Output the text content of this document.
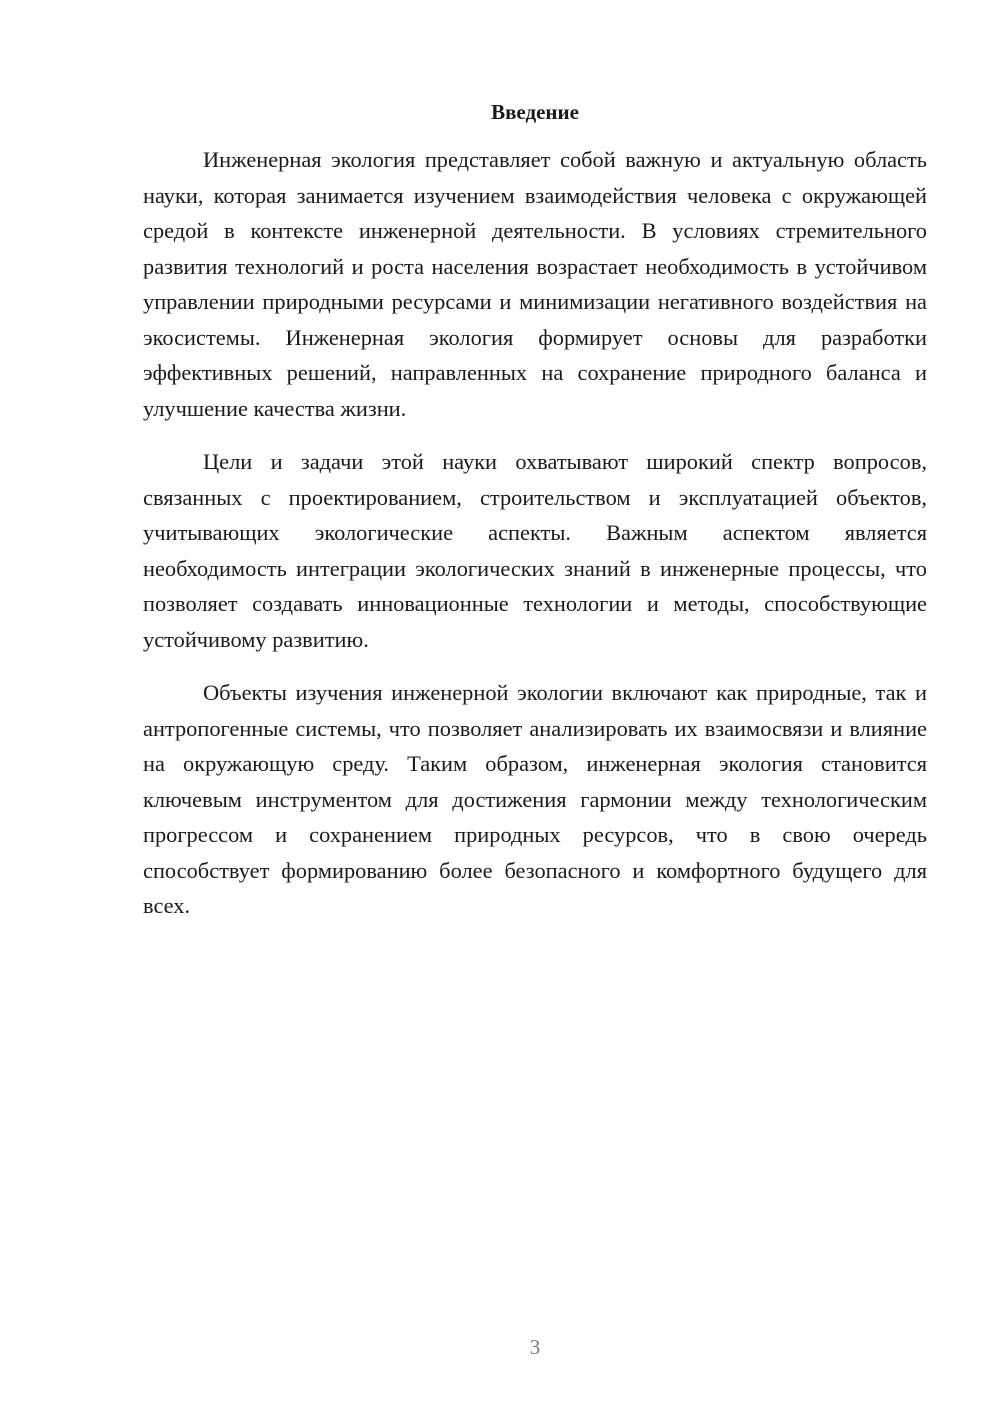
Введение

Инженерная экология представляет собой важную и актуальную область науки, которая занимается изучением взаимодействия человека с окружающей средой в контексте инженерной деятельности. В условиях стремительного развития технологий и роста населения возрастает необходимость в устойчивом управлении природными ресурсами и минимизации негативного воздействия на экосистемы. Инженерная экология формирует основы для разработки эффективных решений, направленных на сохранение природного баланса и улучшение качества жизни.

Цели и задачи этой науки охватывают широкий спектр вопросов, связанных с проектированием, строительством и эксплуатацией объектов, учитывающих экологические аспекты. Важным аспектом является необходимость интеграции экологических знаний в инженерные процессы, что позволяет создавать инновационные технологии и методы, способствующие устойчивому развитию.

Объекты изучения инженерной экологии включают как природные, так и антропогенные системы, что позволяет анализировать их взаимосвязи и влияние на окружающую среду. Таким образом, инженерная экология становится ключевым инструментом для достижения гармонии между технологическим прогрессом и сохранением природных ресурсов, что в свою очередь способствует формированию более безопасного и комфортного будущего для всех.

3
